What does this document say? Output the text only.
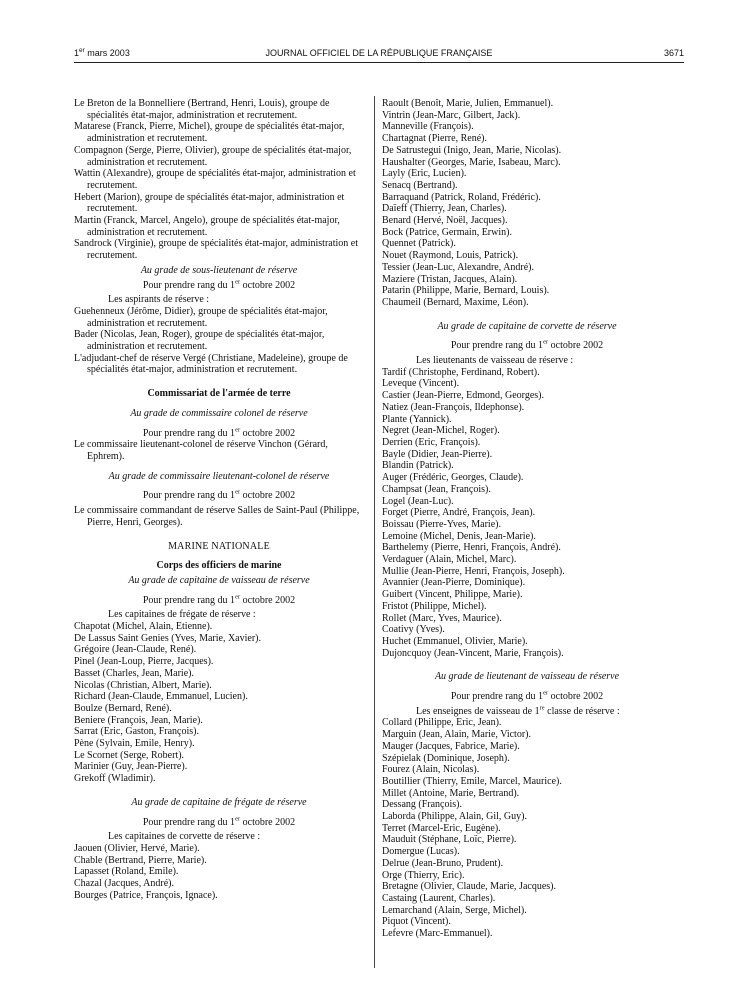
1er mars 2003	JOURNAL OFFICIEL DE LA RÉPUBLIQUE FRANÇAISE	3671

Le Breton de la Bonnelliere (Bertrand, Henri, Louis), groupe de spécialités état-major, administration et recrutement.

Matarese (Franck, Pierre, Michel), groupe de spécialités état-major, administration et recrutement.

Compagnon (Serge, Pierre, Olivier), groupe de spécialités état-major, administration et recrutement.

Wattin (Alexandre), groupe de spécialités état-major, administration et recrutement.

Hebert (Marion), groupe de spécialités état-major, administration et recrutement.

Martin (Franck, Marcel, Angelo), groupe de spécialités état-major, administration et recrutement.

Sandrock (Virginie), groupe de spécialités état-major, administration et recrutement.

Au grade de sous-lieutenant de réserve

Pour prendre rang du 1er octobre 2002

Les aspirants de réserve :

Guehenneux (Jérôme, Didier), groupe de spécialités état-major, administration et recrutement.

Bader (Nicolas, Jean, Roger), groupe de spécialités état-major, administration et recrutement.

L'adjudant-chef de réserve Vergé (Christiane, Madeleine), groupe de spécialités état-major, administration et recrutement.

Commissariat de l'armée de terre

Au grade de commissaire colonel de réserve

Pour prendre rang du 1er octobre 2002

Le commissaire lieutenant-colonel de réserve Vinchon (Gérard, Ephrem).

Au grade de commissaire lieutenant-colonel de réserve

Pour prendre rang du 1er octobre 2002

Le commissaire commandant de réserve Salles de Saint-Paul (Philippe, Pierre, Henri, Georges).

MARINE NATIONALE

Corps des officiers de marine

Au grade de capitaine de vaisseau de réserve

Pour prendre rang du 1er octobre 2002

Les capitaines de frégate de réserve :

Chapotat (Michel, Alain, Etienne).

De Lassus Saint Genies (Yves, Marie, Xavier).

Grégoire (Jean-Claude, René).

Pinel (Jean-Loup, Pierre, Jacques).

Basset (Charles, Jean, Marie).

Nicolas (Christian, Albert, Marie).

Richard (Jean-Claude, Emmanuel, Lucien).

Boulze (Bernard, René).

Beniere (François, Jean, Marie).

Sarrat (Eric, Gaston, François).

Pène (Sylvain, Emile, Henry).

Le Scornet (Serge, Robert).

Marinier (Guy, Jean-Pierre).

Grekoff (Wladimir).

Au grade de capitaine de frégate de réserve

Pour prendre rang du 1er octobre 2002

Les capitaines de corvette de réserve :

Jaouen (Olivier, Hervé, Marie).

Chable (Bertrand, Pierre, Marie).

Lapasset (Roland, Emile).

Chazal (Jacques, André).

Bourges (Patrice, François, Ignace).

Raoult (Benoît, Marie, Julien, Emmanuel).

Vintrin (Jean-Marc, Gilbert, Jack).

Manneville (François).

Chartagnat (Pierre, René).

De Satrustegui (Inigo, Jean, Marie, Nicolas).

Haushalter (Georges, Marie, Isabeau, Marc).

Layly (Eric, Lucien).

Senacq (Bertrand).

Barraquand (Patrick, Roland, Frédéric).

Daïeff (Thierry, Jean, Charles).

Benard (Hervé, Noël, Jacques).

Bock (Patrice, Germain, Erwin).

Quennet (Patrick).

Nouet (Raymond, Louis, Patrick).

Tessier (Jean-Luc, Alexandre, André).

Maziere (Tristan, Jacques, Alain).

Patarin (Philippe, Marie, Bernard, Louis).

Chaumeil (Bernard, Maxime, Léon).

Au grade de capitaine de corvette de réserve

Pour prendre rang du 1er octobre 2002

Les lieutenants de vaisseau de réserve :

Tardif (Christophe, Ferdinand, Robert).

Leveque (Vincent).

Castier (Jean-Pierre, Edmond, Georges).

Natiez (Jean-François, Ildephonse).

Plante (Yannick).

Negret (Jean-Michel, Roger).

Derrien (Eric, François).

Bayle (Didier, Jean-Pierre).

Blandin (Patrick).

Auger (Frédéric, Georges, Claude).

Champsat (Jean, François).

Logel (Jean-Luc).

Forget (Pierre, André, François, Jean).

Boissau (Pierre-Yves, Marie).

Lemoine (Michel, Denis, Jean-Marie).

Barthelemy (Pierre, Henri, François, André).

Verdaguer (Alain, Michel, Marc).

Mullie (Jean-Pierre, Henri, François, Joseph).

Avannier (Jean-Pierre, Dominique).

Guibert (Vincent, Philippe, Marie).

Fristot (Philippe, Michel).

Rollet (Marc, Yves, Maurice).

Coativy (Yves).

Huchet (Emmanuel, Olivier, Marie).

Dujoncquoy (Jean-Vincent, Marie, François).

Au grade de lieutenant de vaisseau de réserve

Pour prendre rang du 1er octobre 2002

Les enseignes de vaisseau de 1re classe de réserve :

Collard (Philippe, Eric, Jean).

Marguin (Jean, Alain, Marie, Victor).

Mauger (Jacques, Fabrice, Marie).

Szépielak (Dominique, Joseph).

Fourez (Alain, Nicolas).

Boutillier (Thierry, Emile, Marcel, Maurice).

Millet (Antoine, Marie, Bertrand).

Dessang (François).

Laborda (Philippe, Alain, Gil, Guy).

Terret (Marcel-Eric, Eugène).

Mauduit (Stéphane, Loïc, Pierre).

Domergue (Lucas).

Delrue (Jean-Bruno, Prudent).

Orge (Thierry, Eric).

Bretagne (Olivier, Claude, Marie, Jacques).

Castaing (Laurent, Charles).

Lemarchand (Alain, Serge, Michel).

Piquot (Vincent).

Lefevre (Marc-Emmanuel).
